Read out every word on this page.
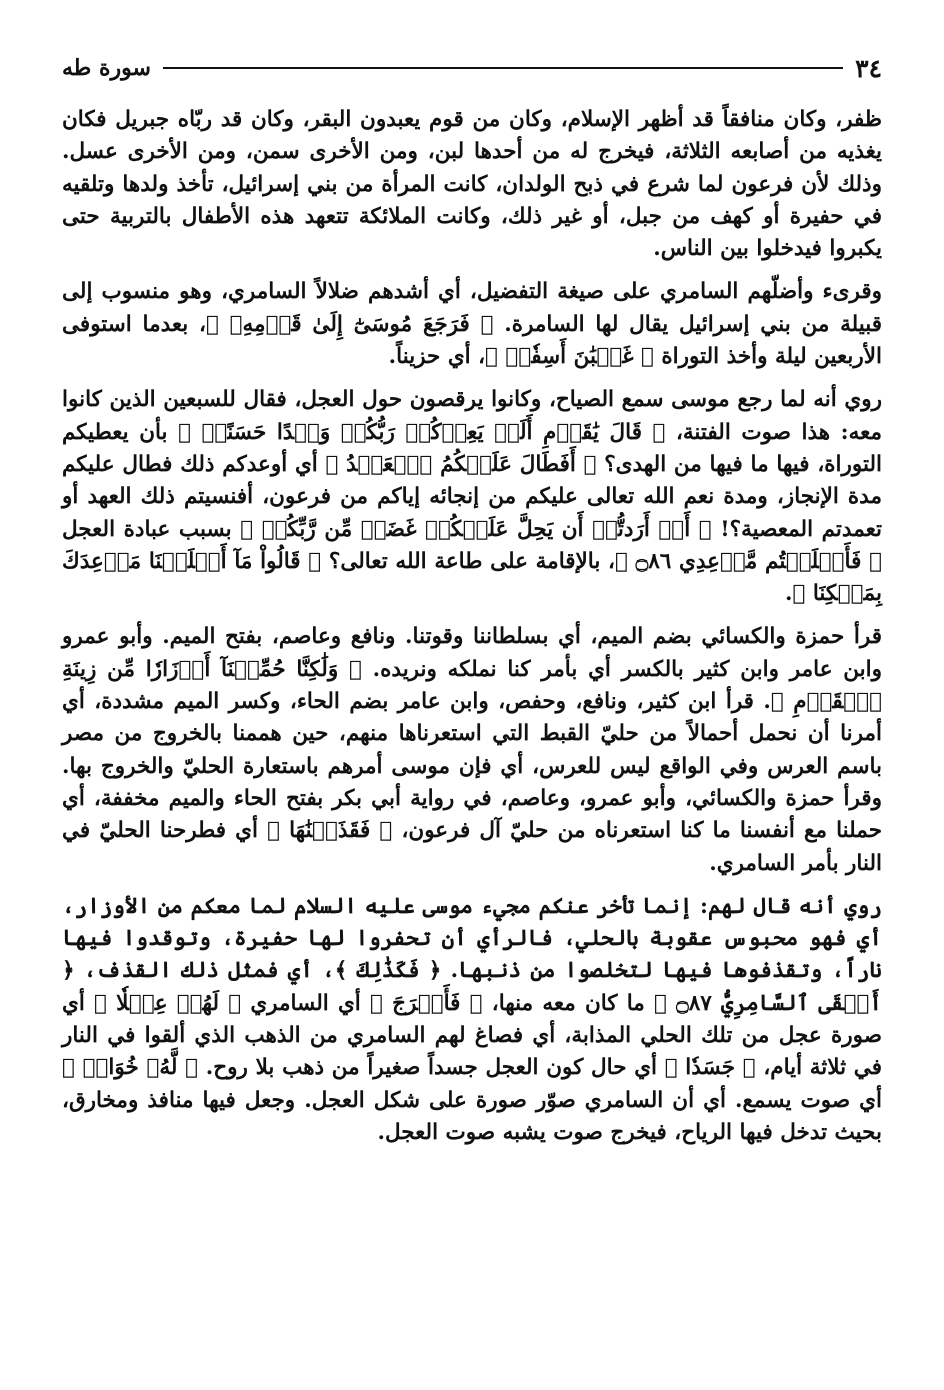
٣٤
سورة طه

ظفر، وكان منافقاً قد أظهر الإسلام، وكان من قوم يعبدون البقر، وكان قد ربّاه جبريل فكان يغذيه من أصابعه الثلاثة، فيخرج له من أحدها لبن، ومن الأخرى سمن، ومن الأخرى عسل. وذلك لأن فرعون لما شرع في ذبح الولدان، كانت المرأة من بني إسرائيل، تأخذ ولدها وتلقيه في حفيرة أو كهف من جبل، أو غير ذلك، وكانت الملائكة تتعهد هذه الأطفال بالتربية حتى يكبروا فيدخلوا بين الناس.

وقرىء وأضلّهم السامري على صيغة التفضيل، أي أشدهم ضلالاً السامري، وهو منسوب إلى قبيلة من بني إسرائيل يقال لها السامرة. ﴿ فَرَجَعَ مُوسَىٰٓ إِلَىٰ قَوۡمِهِۦ ﴾، بعدما استوفى الأربعين ليلة وأخذ التوراة ﴿ غَضۡبَٰنَ أَسِفٗاۚ ﴾، أي حزيناً.

روي أنه لما رجع موسى سمع الصياح، وكانوا يرقصون حول العجل، فقال للسبعين الذين كانوا معه: هذا صوت الفتنة، ﴿ قَالَ يَٰقَوۡمِ أَلَمۡ يَعِدۡكُمۡ رَبُّكُمۡ وَعۡدًا حَسَنًاۚ ﴾ بأن يعطيكم التوراة، فيها ما فيها من الهدى؟ ﴿ أَفَطَالَ عَلَيۡكُمُ ٱلۡعَهۡدُ ﴾ أي أوعدكم ذلك فطال عليكم مدة الإنجاز، ومدة نعم الله تعالى عليكم من إنجائه إياكم من فرعون، أفنسيتم ذلك العهد أو تعمدتم المعصية؟! ﴿ أَمۡ أَرَدتُّمۡ أَن يَحِلَّ عَلَيۡكُمۡ غَضَبٞ مِّن رَّبِّكُمۡ ﴾ بسبب عبادة العجل ﴿ فَأَخۡلَفۡتُم مَّوۡعِدِي ۝٨٦ ﴾، بالإقامة على طاعة الله تعالى؟ ﴿ قَالُواْ مَآ أَخۡلَفۡنَا مَوۡعِدَكَ بِمَلۡكِنَا ﴾.

قرأ حمزة والكسائي بضم الميم، أي بسلطاننا وقوتنا. ونافع وعاصم، بفتح الميم. وأبو عمرو وابن عامر وابن كثير بالكسر أي بأمر كنا نملكه ونريده. ﴿ وَلَٰكِنَّا حُمِّلۡنَآ أَوۡزَارٗا مِّن زِينَةِ ٱلۡقَوۡمِ ﴾. قرأ ابن كثير، ونافع، وحفص، وابن عامر بضم الحاء، وكسر الميم مشددة، أي أمرنا أن نحمل أحمالاً من حليّ القبط التي استعرناها منهم، حين هممنا بالخروج من مصر باسم العرس وفي الواقع ليس للعرس، أي فإن موسى أمرهم باستعارة الحليّ والخروج بها. وقرأ حمزة والكسائي، وأبو عمرو، وعاصم، في رواية أبي بكر بفتح الحاء والميم مخففة، أي حملنا مع أنفسنا ما كنا استعرناه من حليّ آل فرعون، ﴿ فَقَذَفۡنَٰهَا ﴾ أي فطرحنا الحليّ في النار بأمر السامري.

روي أنه قال لهم: إنما تأخر عنكم مجيء موسى عليه السلام لما معكم من الأوزار، أي فهو محبوس عقوبة بالحلي، فالرأي أن تحفروا لها حفيرة، وتوقدوا فيها ناراً، وتقذفوها فيها لتخلصوا من ذنبها. ﴿ فَكَذَٰلِكَ ﴾، أي فمثل ذلك القذف، ﴿ أَلۡقَى ٱلسَّامِرِيُّ ۝٨٧ ﴾ ما كان معه منها، ﴿ فَأَخۡرَجَ ﴾ أي السامري ﴿ لَهُمۡ عِجۡلٗا ﴾ أي صورة عجل من تلك الحلي المذابة، أي فصاغ لهم السامري من الذهب الذي ألقوا في النار في ثلاثة أيام، ﴿ جَسَدٗا ﴾ أي حال كون العجل جسداً صغيراً من ذهب بلا روح. ﴿ لَّهُۥ خُوَارٞ ﴾ أي صوت يسمع. أي أن السامري صوّر صورة على شكل العجل. وجعل فيها منافذ ومخارق، بحيث تدخل فيها الرياح، فيخرج صوت يشبه صوت العجل.
